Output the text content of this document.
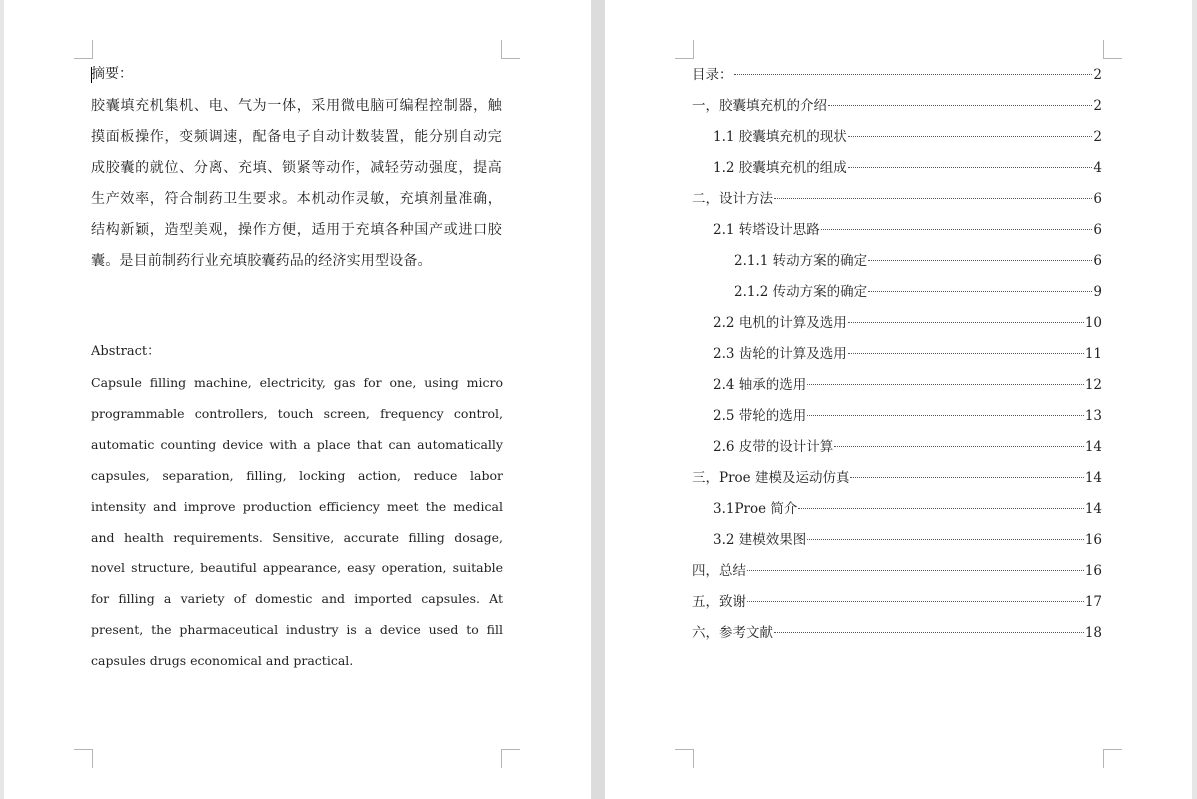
摘要：
胶囊填充机集机、电、气为一体，采用微电脑可编程控制器，触摸面板操作，变频调速，配备电子自动计数装置，能分别自动完成胶囊的就位、分离、充填、锁紧等动作，减轻劳动强度，提高生产效率，符合制药卫生要求。本机动作灵敏，充填剂量准确，结构新颖，造型美观，操作方便，适用于充填各种国产或进口胶囊。是目前制药行业充填胶囊药品的经济实用型设备。
Abstract：
Capsule filling machine, electricity, gas for one, using micro programmable controllers, touch screen, frequency control, automatic counting device with a place that can automatically capsules, separation, filling, locking action, reduce labor intensity and improve production efficiency meet the medical and health requirements. Sensitive, accurate filling dosage, novel structure, beautiful appearance, easy operation, suitable for filling a variety of domestic and imported capsules. At present, the pharmaceutical industry is a device used to fill capsules drugs economical and practical.
目录：	2
一，胶囊填充机的介绍	2
1.1 胶囊填充机的现状	2
1.2 胶囊填充机的组成	4
二，设计方法	6
2.1 转塔设计思路	6
2.1.1 转动方案的确定	6
2.1.2 传动方案的确定	9
2.2 电机的计算及选用	10
2.3 齿轮的计算及选用	11
2.4 轴承的选用	12
2.5 带轮的选用	13
2.6 皮带的设计计算	14
三，Proe 建模及运动仿真	14
3.1Proe 简介	14
3.2 建模效果图	16
四，总结	16
五，致谢	17
六，参考文献	18
